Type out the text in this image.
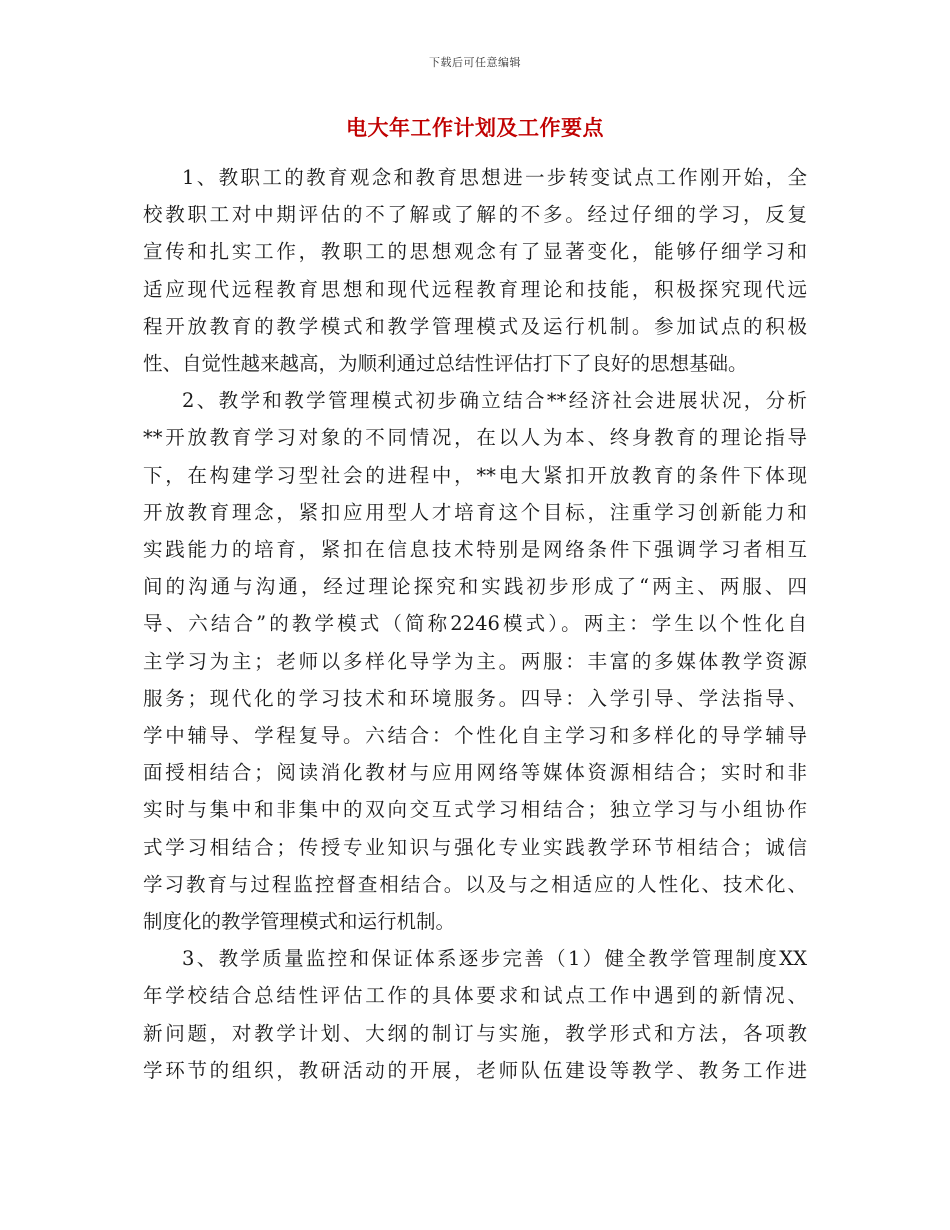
下载后可任意编辑
电大年工作计划及工作要点

1、教职工的教育观念和教育思想进一步转变试点工作刚开始，全
校教职工对中期评估的不了解或了解的不多。经过仔细的学习，反复
宣传和扎实工作，教职工的思想观念有了显著变化，能够仔细学习和
适应现代远程教育思想和现代远程教育理论和技能，积极探究现代远
程开放教育的教学模式和教学管理模式及运行机制。参加试点的积极
性、自觉性越来越高，为顺利通过总结性评估打下了良好的思想基础。

2、教学和教学管理模式初步确立结合**经济社会进展状况，分析
**开放教育学习对象的不同情况，在以人为本、终身教育的理论指导
下，在构建学习型社会的进程中，**电大紧扣开放教育的条件下体现
开放教育理念，紧扣应用型人才培育这个目标，注重学习创新能力和
实践能力的培育，紧扣在信息技术特别是网络条件下强调学习者相互
间的沟通与沟通，经过理论探究和实践初步形成了“两主、两服、四
导、六结合”的教学模式（简称2246模式）。两主：学生以个性化自
主学习为主；老师以多样化导学为主。两服：丰富的多媒体教学资源
服务；现代化的学习技术和环境服务。四导：入学引导、学法指导、
学中辅导、学程复导。六结合：个性化自主学习和多样化的导学辅导
面授相结合；阅读消化教材与应用网络等媒体资源相结合；实时和非
实时与集中和非集中的双向交互式学习相结合；独立学习与小组协作
式学习相结合；传授专业知识与强化专业实践教学环节相结合；诚信
学习教育与过程监控督查相结合。以及与之相适应的人性化、技术化、
制度化的教学管理模式和运行机制。

3、教学质量监控和保证体系逐步完善（1）健全教学管理制度XX
年学校结合总结性评估工作的具体要求和试点工作中遇到的新情况、
新问题，对教学计划、大纲的制订与实施，教学形式和方法，各项教
学环节的组织，教研活动的开展，老师队伍建设等教学、教务工作进
